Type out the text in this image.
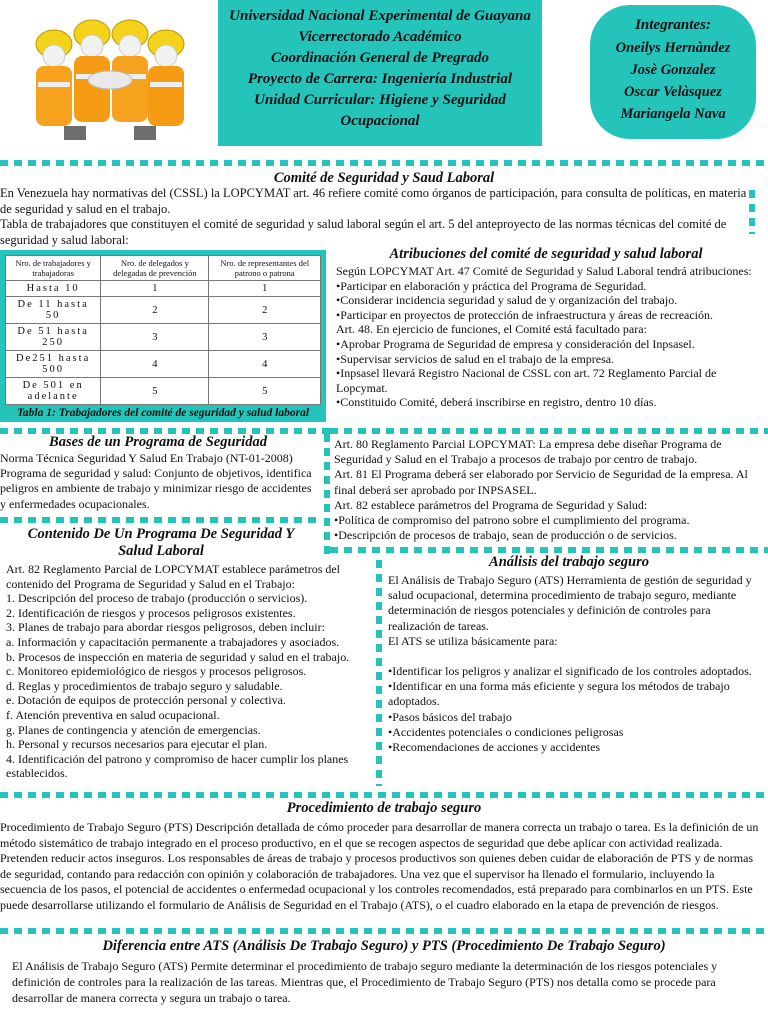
Universidad Nacional Experimental de Guayana
Vicerrectorado Académico
Coordinación General de Pregrado
Proyecto de Carrera: Ingeniería Industrial
Unidad Curricular: Higiene y Seguridad
Ocupacional
Integrantes:
Oneilys Hernàndez
Josè Gonzalez
Oscar Velàsquez
Mariangela Nava
Comité de Seguridad y Saud Laboral

En Venezuela hay normativas del (CSSL) la LOPCYMAT art. 46 refiere comité como órganos de participación, para consulta de políticas, en materia de seguridad y salud en el trabajo.

Tabla de trabajadores que constituyen el comité de seguridad y salud laboral según el art. 5 del anteproyecto de las normas técnicas del comité de seguridad y salud laboral:

Nro. de trabajadores y trabajadoras	Nro. de delegados y delegadas de prevención	Nro. de representantes del patrono o patrona
Hasta 10	1	1
De 11 hasta 50	2	2
De 51 hasta 250	3	3
De251 hasta 500	4	4
De 501 en adelante	5	5
Tabla 1: Trabajadores del comité de seguridad y salud laboral
Atribuciones del comité de seguridad y salud laboral

Según LOPCYMAT Art. 47 Comité de Seguridad y Salud Laboral tendrá atribuciones:

•Participar en elaboración y práctica del Programa de Seguridad.

•Considerar incidencia seguridad y salud de y organización del trabajo.

•Participar en proyectos de protección de infraestructura y áreas de recreación.

Art. 48. En ejercicio de funciones, el Comité está facultado para:

•Aprobar Programa de Seguridad de empresa y consideración del Inpsasel.

•Supervisar servicios de salud en el trabajo de la empresa.

•Inpsasel llevará Registro Nacional de CSSL con art. 72 Reglamento Parcial de Lopcymat.

•Constituido Comité, deberá inscribirse en registro, dentro 10 días.

Bases de un Programa de Seguridad
Norma Técnica Seguridad Y Salud En Trabajo (NT-01-2008) Programa de seguridad y salud: Conjunto de objetivos, identifica peligros en ambiente de trabajo y minimizar riesgo de accidentes y enfermedades ocupacionales.

Art. 80 Reglamento Parcial LOPCYMAT: La empresa debe diseñar Programa de Seguridad y Salud en el Trabajo a procesos de trabajo por centro de trabajo.

Art. 81 El Programa deberá ser elaborado por Servicio de Seguridad de la empresa. Al final deberá ser aprobado por INPSASEL.

Art. 82 establece parámetros del Programa de Seguridad y Salud:

•Política de compromiso del patrono sobre el cumplimiento del programa.

•Descripción de procesos de trabajo, sean de producción o de servicios.

Contenido De Un Programa De Seguridad Y Salud Laboral

Art. 82 Reglamento Parcial de LOPCYMAT establece parámetros del contenido del Programa de Seguridad y Salud en el Trabajo:

1. Descripción del proceso de trabajo (producción o servicios).

2. Identificación de riesgos y procesos peligrosos existentes.

3. Planes de trabajo para abordar riesgos peligrosos, deben incluir:

a. Información y capacitación permanente a trabajadores y asociados.

b. Procesos de inspección en materia de seguridad y salud en el trabajo.

c. Monitoreo epidemiológico de riesgos y procesos peligrosos.

d. Reglas y procedimientos de trabajo seguro y saludable.

e. Dotación de equipos de protección personal y colectiva.

f. Atención preventiva en salud ocupacional.

g. Planes de contingencia y atención de emergencias.

h. Personal y recursos necesarios para ejecutar el plan.

4. Identificación del patrono y compromiso de hacer cumplir los planes establecidos.

Análisis del trabajo seguro

El Análisis de Trabajo Seguro (ATS) Herramienta de gestión de seguridad y salud ocupacional, determina procedimiento de trabajo seguro, mediante determinación de riesgos potenciales y definición de controles para realización de tareas.

El ATS se utiliza básicamente para:

•Identificar los peligros y analizar el significado de los controles adoptados.

•Identificar en una forma más eficiente y segura los métodos de trabajo adoptados.

•Pasos básicos del trabajo

•Accidentes potenciales o condiciones peligrosas

•Recomendaciones de acciones y accidentes

Procedimiento de trabajo seguro
Procedimiento de Trabajo Seguro (PTS) Descripción detallada de cómo proceder para desarrollar de manera correcta un trabajo o tarea. Es la definición de un método sistemático de trabajo integrado en el proceso productivo, en el que se recogen aspectos de seguridad que debe aplicar con actividad realizada. Pretenden reducir actos inseguros. Los responsables de áreas de trabajo y procesos productivos son quienes deben cuidar de elaboración de PTS y de normas de seguridad, contando para redacción con opinión y colaboración de trabajadores. Una vez que el supervisor ha llenado el formulario, incluyendo la secuencia de los pasos, el potencial de accidentes o enfermedad ocupacional y los controles recomendados, está preparado para combinarlos en un PTS. Este puede desarrollarse utilizando el formulario de Análisis de Seguridad en el Trabajo (ATS), o el cuadro elaborado en la etapa de prevención de riesgos.
Diferencia entre ATS (Análisis De Trabajo Seguro) y PTS (Procedimiento De Trabajo Seguro)
El Análisis de Trabajo Seguro (ATS) Permite determinar el procedimiento de trabajo seguro mediante la determinación de los riesgos potenciales y definición de controles para la realización de las tareas. Mientras que, el Procedimiento de Trabajo Seguro (PTS) nos detalla como se procede para desarrollar de manera correcta y segura un trabajo o tarea.
